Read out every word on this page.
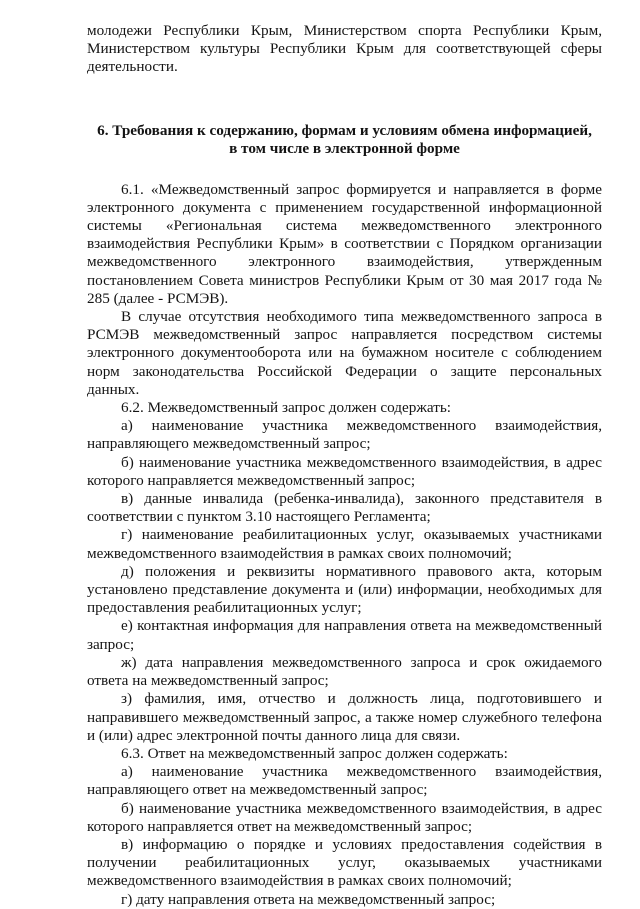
молодежи Республики Крым, Министерством спорта Республики Крым, Министерством культуры Республики Крым для соответствующей сферы деятельности.

6. Требования к содержанию, формам и условиям обмена информацией,
в том числе в электронной форме

6.1. «Межведомственный запрос формируется и направляется в форме электронного документа с применением государственной информационной системы «Региональная система межведомственного электронного взаимодействия Республики Крым» в соответствии с Порядком организации межведомственного электронного взаимодействия, утвержденным постановлением Совета министров Республики Крым от 30 мая 2017 года № 285 (далее - РСМЭВ).

В случае отсутствия необходимого типа межведомственного запроса в РСМЭВ межведомственный запрос направляется посредством системы электронного документооборота или на бумажном носителе с соблюдением норм законодательства Российской Федерации о защите персональных данных.

6.2. Межведомственный запрос должен содержать:

а) наименование участника межведомственного взаимодействия, направляющего межведомственный запрос;

б) наименование участника межведомственного взаимодействия, в адрес которого направляется межведомственный запрос;

в) данные инвалида (ребенка-инвалида), законного представителя в соответствии с пунктом 3.10 настоящего Регламента;

г) наименование реабилитационных услуг, оказываемых участниками межведомственного взаимодействия в рамках своих полномочий;

д) положения и реквизиты нормативного правового акта, которым установлено представление документа и (или) информации, необходимых для предоставления реабилитационных услуг;

е) контактная информация для направления ответа на межведомственный запрос;

ж) дата направления межведомственного запроса и срок ожидаемого ответа на межведомственный запрос;

з) фамилия, имя, отчество и должность лица, подготовившего и направившего межведомственный запрос, а также номер служебного телефона и (или) адрес электронной почты данного лица для связи.

6.3. Ответ на межведомственный запрос должен содержать:

а) наименование участника межведомственного взаимодействия, направляющего ответ на межведомственный запрос;

б) наименование участника межведомственного взаимодействия, в адрес которого направляется ответ на межведомственный запрос;

в) информацию о порядке и условиях предоставления содействия в получении реабилитационных услуг, оказываемых участниками межведомственного взаимодействия в рамках своих полномочий;

г) дату направления ответа на межведомственный запрос;
